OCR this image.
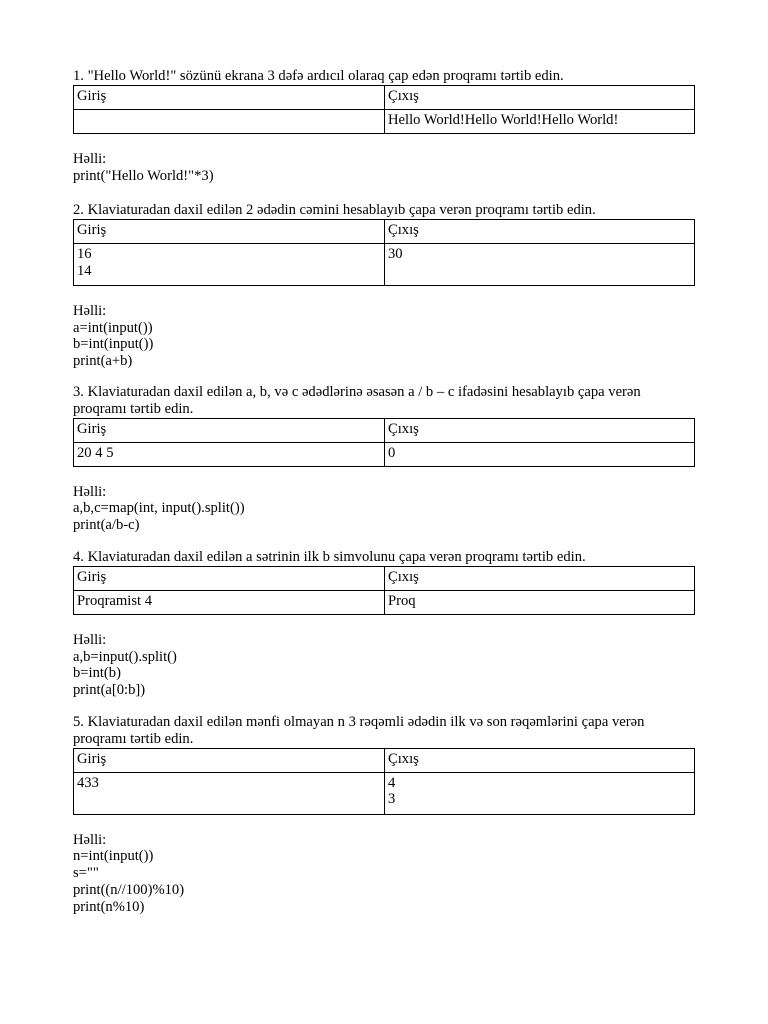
1. "Hello World!" sözünü ekrana 3 dəfə ardıcıl olaraq çap edən proqramı tərtib edin.

Giriş	Çıxış

	Hello World!Hello World!Hello World!
Həlli:
print("Hello World!"*3)

2. Klaviaturadan daxil edilən 2 ədədin cəmini hesablayıb çapa verən proqramı tərtib edin.

Giriş	Çıxış

16
14	30
Həlli:
a=int(input())
b=int(input())
print(a+b)

3. Klaviaturadan daxil edilən a, b, və c ədədlərinə əsasən a / b – c ifadəsini hesablayıb çapa verən proqramı tərtib edin.

Giriş	Çıxış

20 4 5	0
Həlli:
a,b,c=map(int, input().split())
print(a/b-c)

4. Klaviaturadan daxil edilən a sətrinin ilk b simvolunu çapa verən proqramı tərtib edin.

Giriş	Çıxış

Proqramist 4	Proq
Həlli:
a,b=input().split()
b=int(b)
print(a[0:b])

5. Klaviaturadan daxil edilən mənfi olmayan n 3 rəqəmli ədədin ilk və son rəqəmlərini çapa verən proqramı tərtib edin.

Giriş	Çıxış

433	4
3
Həlli:
n=int(input())
s=""
print((n//100)%10)
print(n%10)
